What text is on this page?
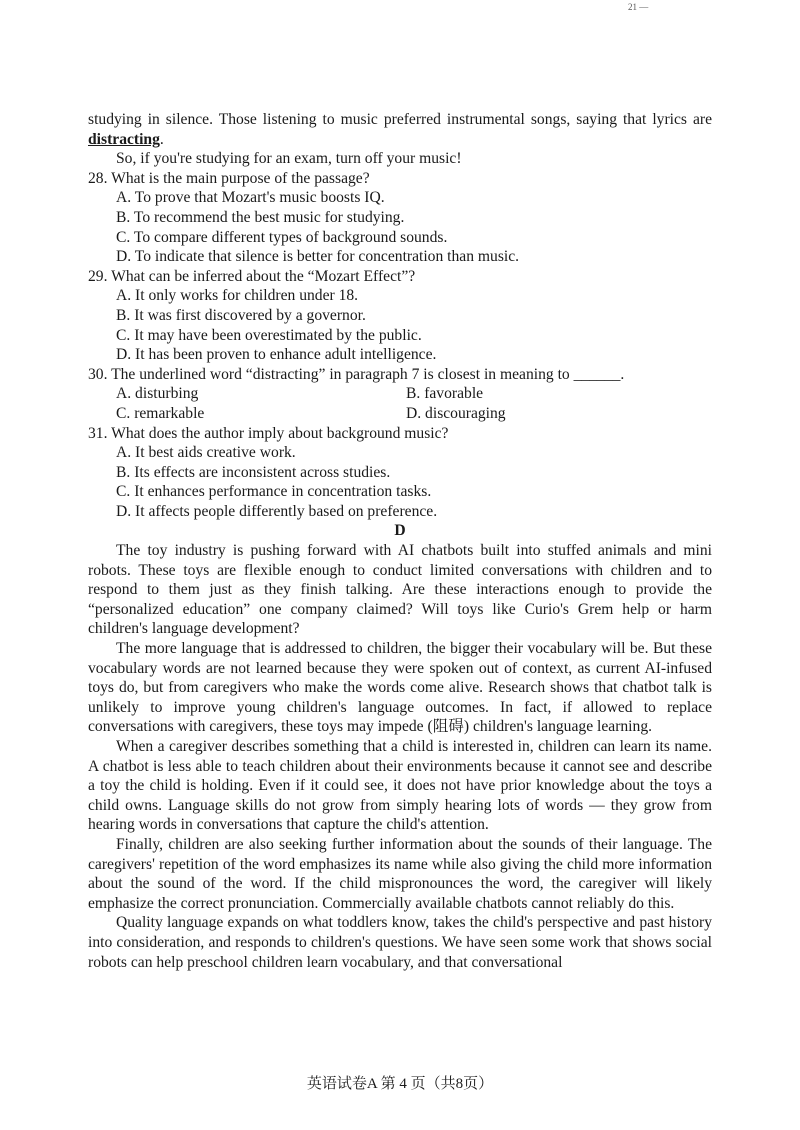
21 —

studying in silence. Those listening to music preferred instrumental songs, saying that lyrics are distracting.

So, if you're studying for an exam, turn off your music!

28. What is the main purpose of the passage?

A. To prove that Mozart's music boosts IQ.

B. To recommend the best music for studying.

C. To compare different types of background sounds.

D. To indicate that silence is better for concentration than music.

29. What can be inferred about the “Mozart Effect”?

A. It only works for children under 18.

B. It was first discovered by a governor.

C. It may have been overestimated by the public.

D. It has been proven to enhance adult intelligence.

30. The underlined word “distracting” in paragraph 7 is closest in meaning to ______.

A. disturbing	B. favorable
C. remarkable	D. discouraging

31. What does the author imply about background music?

A. It best aids creative work.

B. Its effects are inconsistent across studies.

C. It enhances performance in concentration tasks.

D. It affects people differently based on preference.

D

The toy industry is pushing forward with AI chatbots built into stuffed animals and mini robots. These toys are flexible enough to conduct limited conversations with children and to respond to them just as they finish talking. Are these interactions enough to provide the “personalized education” one company claimed? Will toys like Curio's Grem help or harm children's language development?

The more language that is addressed to children, the bigger their vocabulary will be. But these vocabulary words are not learned because they were spoken out of context, as current AI-infused toys do, but from caregivers who make the words come alive. Research shows that chatbot talk is unlikely to improve young children's language outcomes. In fact, if allowed to replace conversations with caregivers, these toys may impede (阻碍) children's language learning.

When a caregiver describes something that a child is interested in, children can learn its name. A chatbot is less able to teach children about their environments because it cannot see and describe a toy the child is holding. Even if it could see, it does not have prior knowledge about the toys a child owns. Language skills do not grow from simply hearing lots of words — they grow from hearing words in conversations that capture the child's attention.

Finally, children are also seeking further information about the sounds of their language. The caregivers' repetition of the word emphasizes its name while also giving the child more information about the sound of the word. If the child mispronounces the word, the caregiver will likely emphasize the correct pronunciation. Commercially available chatbots cannot reliably do this.

Quality language expands on what toddlers know, takes the child's perspective and past history into consideration, and responds to children's questions. We have seen some work that shows social robots can help preschool children learn vocabulary, and that conversational

英语试卷A 第 4 页（共8页）
